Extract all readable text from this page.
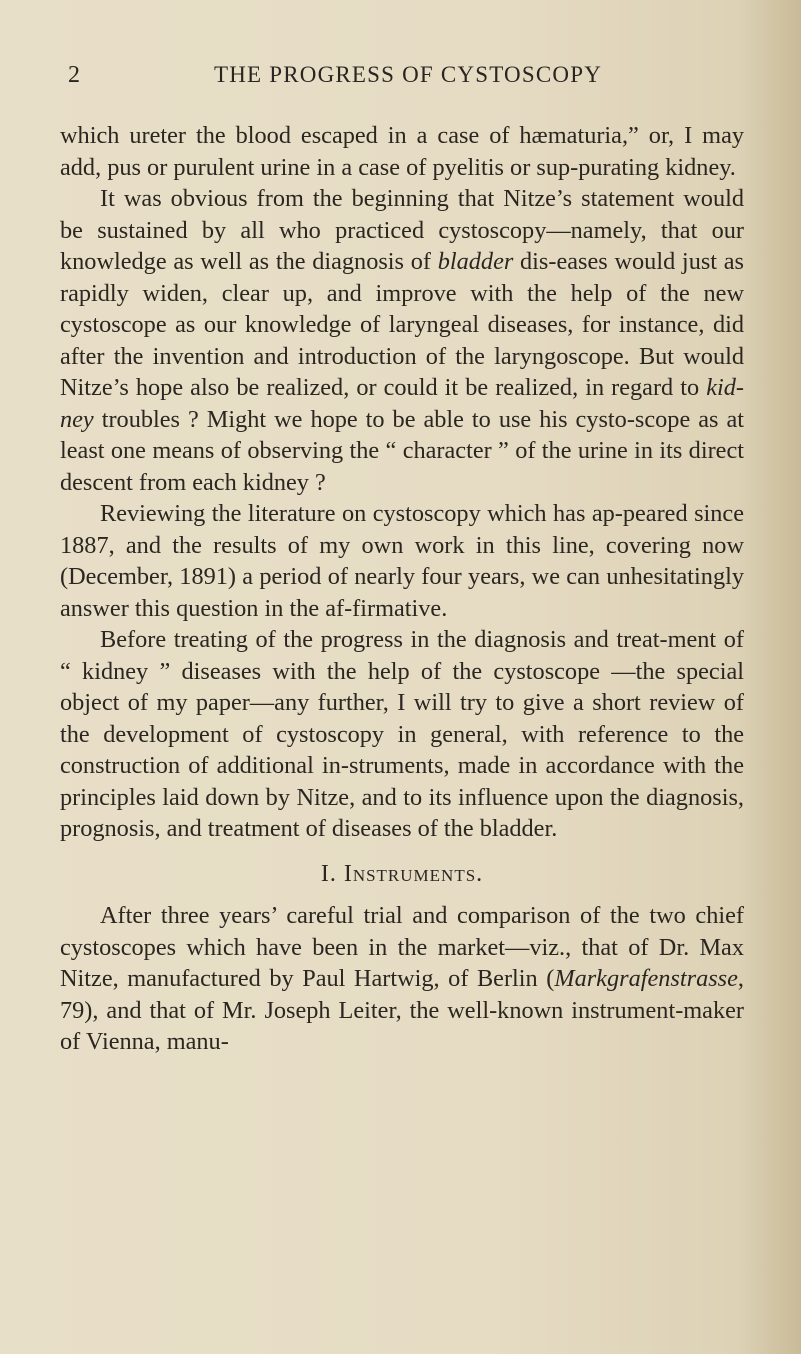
2	THE PROGRESS OF CYSTOSCOPY

which ureter the blood escaped in a case of hæmaturia,” or, I may add, pus or purulent urine in a case of pyelitis or sup-purating kidney.

It was obvious from the beginning that Nitze’s statement would be sustained by all who practiced cystoscopy—namely, that our knowledge as well as the diagnosis of bladder dis-eases would just as rapidly widen, clear up, and improve with the help of the new cystoscope as our knowledge of laryngeal diseases, for instance, did after the invention and introduction of the laryngoscope. But would Nitze’s hope also be realized, or could it be realized, in regard to kid-ney troubles ? Might we hope to be able to use his cysto-scope as at least one means of observing the “ character ” of the urine in its direct descent from each kidney ?

Reviewing the literature on cystoscopy which has ap-peared since 1887, and the results of my own work in this line, covering now (December, 1891) a period of nearly four years, we can unhesitatingly answer this question in the af-firmative.

Before treating of the progress in the diagnosis and treat-ment of “ kidney ” diseases with the help of the cystoscope —the special object of my paper—any further, I will try to give a short review of the development of cystoscopy in general, with reference to the construction of additional in-struments, made in accordance with the principles laid down by Nitze, and to its influence upon the diagnosis, prognosis, and treatment of diseases of the bladder.

I. Instruments.

After three years’ careful trial and comparison of the two chief cystoscopes which have been in the market—viz., that of Dr. Max Nitze, manufactured by Paul Hartwig, of Berlin (Markgrafenstrasse, 79), and that of Mr. Joseph Leiter, the well-known instrument-maker of Vienna, manu-
